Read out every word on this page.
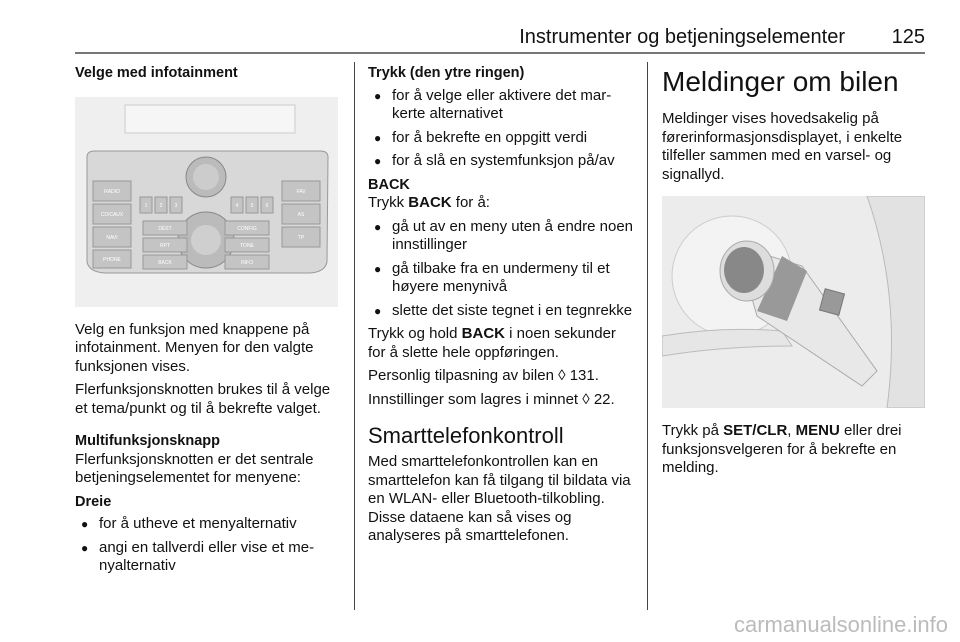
Instrumenter og betjeningselementer 125

Velge med infotainment

RADIO
CD/CAUX
NAVI
PHONE
DEST
RPT
BACK
CONFIG
TONE
INFO
FAV
AS
TP
1 2 3	4 5 6

Velg en funksjon med knappene på infotainment. Menyen for den valgte funksjonen vises.

Flerfunksjonsknotten brukes til å velge et tema/punkt og til å bekrefte valget.

Multifunksjonsknapp

Flerfunksjonsknotten er det sentrale betjeningselementet for menyene:

Dreie

● for å utheve et menyalternativ

● angi en tallverdi eller vise et menyalternativ

Trykk (den ytre ringen)

● for å velge eller aktivere det markerte alternativet

● for å bekrefte en oppgitt verdi

● for å slå en systemfunksjon på/av

BACK

Trykk BACK for å:

● gå ut av en meny uten å endre noen innstillinger

● gå tilbake fra en undermeny til et høyere menynivå

● slette det siste tegnet i en tegnrekke

Trykk og hold BACK i noen sekunder for å slette hele oppføringen.

Personlig tilpasning av bilen ◊ 131.

Innstillinger som lagres i minnet ◊ 22.

Smarttelefonkontroll

Med smarttelefonkontrollen kan en smarttelefon kan få tilgang til bildata via en WLAN- eller Bluetooth-tilkobling. Disse dataene kan så vises og analyseres på smarttelefonen.

Meldinger om bilen

Meldinger vises hovedsakelig på førerinformasjonsdisplayet, i enkelte tilfeller sammen med en varsel- og signallyd.

Trykk på SET/CLR, MENU eller drei funksjonsvelgeren for å bekrefte en melding.

carmanualsonline.info
